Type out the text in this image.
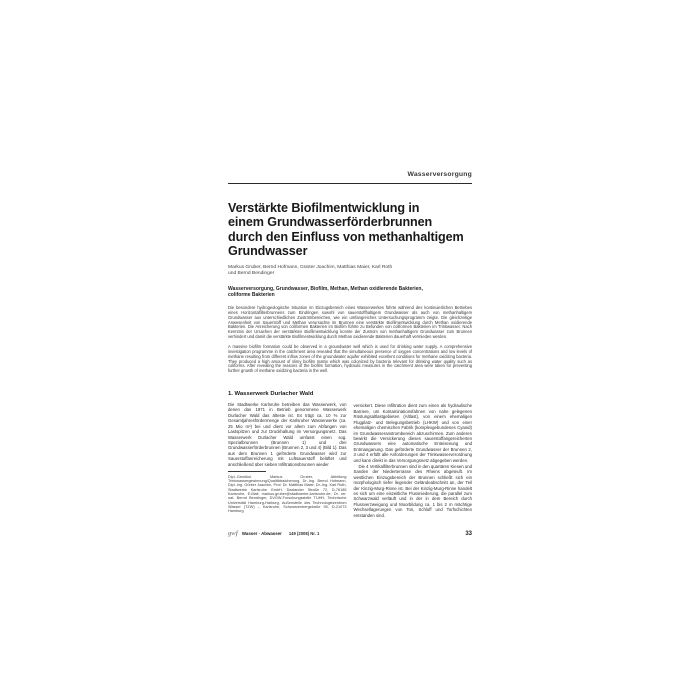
Wasserversorgung
Verstärkte Biofilmentwicklung in
einem Grundwasserförderbrunnen
durch den Einfluss von methanhaltigem
Grundwasser
Markus Gruber, Bernd Hofmann, Günter Joachim, Matthias Maier, Karl Roth
und Bernd Bendinger
Wasserversorgung, Grundwasser, Biofilm, Methan, Methan oxidierende Bakterien,
coliforme Bakterien
Die besondere hydrogeologische Situation im Einzugsbereich eines Wasserwerkes führte während des kontinuierlichen Betriebes eines Horizontalfilterbrunnens zum Eindringen sowohl von sauerstoffhaltigem Grundwasser als auch von methanhaltigem Grundwasser aus unterschiedlichen Zuströmbereichen, wie ein umfangreiches Untersuchungsprogramm zeigte. Die gleichzeitige Anwesenheit von Sauerstoff und Methan verursachte im Brunnen eine verstärkte Biofilmentwicklung durch Methan oxidierende Bakterien. Die Anreicherung von coliformen Bakterien im Biofilm führte zu Befunden von coliformen Bakterien im Trinkwasser. Nach Kenntnis der Ursachen der verstärkten Biofilmentwicklung konnte der Zustrom von methanhaltigem Grundwasser zum Brunnen verhindert und damit die verstärkte Biofilmentwicklung durch Methan oxidierende Bakterien dauerhaft vermieden werden.
A massive biofilm formation could be observed in a groundwater well which is used for drinking water supply. A comprehensive investigation programme in the catchment area revealed that the simultaneous presence of oxygen concentrations and low levels of methane resulting from different inflow zones of the groundwater aquifer exhibited excellent conditions for methane oxidizing bacteria. They produced a high amount of slimy biofilm matrix which was colonized by bacteria relevant for drinking water quality such as coliforms. After revealing the reasons of the biofilm formation, hydraulic measures in the catchment area were taken for preventing further growth of methane oxidizing bacteria in the well.
1. Wasserwerk Durlacher Wald
Die Stadtwerke Karlsruhe betreiben das Wasserwerk, von denen das 1871 in Betrieb genommene Wasserwerk Durlacher Wald das älteste ist. Es trägt ca. 10 % zur Gesamtjahresfördermenge der Karlsruher Wasserwerke (ca. 25 Mio m³) bei und dient vor allem zum Abfangen von Lastspitzen und zur Druckhaltung im Versorgungsnetz. Das Wasserwerk Durlacher Wald umfasst einen sog. Spezialbrunnen (Brunnen 1) und drei Grundwasserförderbrunnen (Brunnen 2, 3 und 4) (Bild 1). Das aus dem Brunnen 1 geförderte Grundwasser wird zur Sauerstoffanreicherung mit Luftsauerstoff belüftet und anschließend über sieben Infiltrationsbrunnen wieder
Dipl.-Geoökol. Markus Gruber, Abteilung Trinkwassergewinnung/Qualitätssicherung, Dr.-Ing. Bernd Hofmann, Dipl.-Ing. Günter Joachim, Prof. Dr. Matthias Maier, Dr.-Ing. Karl Roth, Stadtwerke Karlsruhe GmbH, Daxlander Straße 72, D-76185 Karlsruhe, E-Mail: markus.gruber@stadtwerke-karlsruhe.de; Dr. rer. nat. Bernd Bendinger, DVGW-Forschungsstelle TUHH, Technische Universität Hamburg-Harburg, Außenstelle des Technologiezentrum Wasser (TZW) – Karlsruhe, Schwarzenbergstraße 95, D-21073 Hamburg
versickert. Diese Infiltration dient zum einen als hydraulische Barriere, um Kontaminationsfahnen von nahe gelegenen Rüstungsaltlastgebieten (Altlast), von einem ehemaligen Flugplatz- und Belegungsbetrieb (LHKW) und von einer ehemaligen chemischen Fabrik (komplexgebundenes Cyanid) im Grundwasseranstrombereich abzuschirmen. Zum anderen bewirkt die Versickerung dieses sauerstoffangereicherten Grundwassers eine automatische Enteisenung und Entmanganung. Das geförderte Grundwasser der Brunnen 2, 3 und 4 erfüllt alle Anforderungen der Trinkwasserverordnung und kann direkt in das Versorgungsnetz abgegeben werden.
Die 4 Vertikalfilterbrunnen sind in den quartären Kiesen und Sanden der Niederterrasse des Rheins abgeteuft. Im westlichen Einzugsbereich der Brunnen schließt sich ein morphologisch tiefer liegender Geländeabschnitt an, der Teil der Kinzig-Murg-Rinne ist. Bei der Kinzig-Murg-Rinne handelt es sich um eine eiszeitliche Flussniederung, die parallel zum Schwarzwald verläuft und in der in dem Bereich durch Flussverzweigung und Moorbildung ca. 1 bis 2 m mächtige Wechsellagerungen von Ton, Schluff und Torfschichten entstanden sind.
gwf Wasser · Abwasser 149 (2008) Nr. 1	33
